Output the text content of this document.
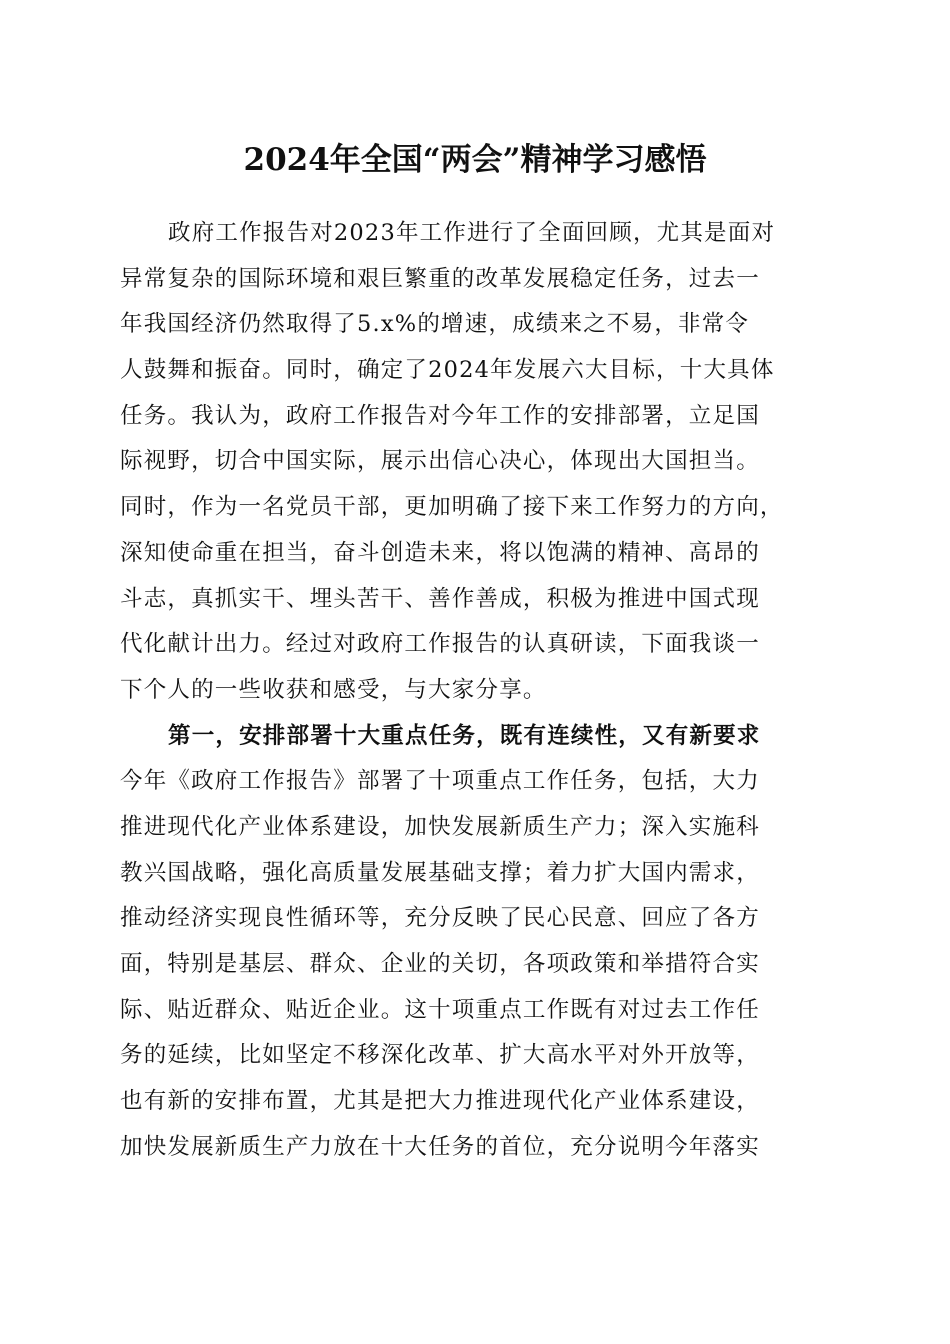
2024年全国“两会”精神学习感悟
政府工作报告对2023年工作进行了全面回顾，尤其是面对
异常复杂的国际环境和艰巨繁重的改革发展稳定任务，过去一
年我国经济仍然取得了5.x%的增速，成绩来之不易，非常令
人鼓舞和振奋。同时，确定了2024年发展六大目标，十大具体
任务。我认为，政府工作报告对今年工作的安排部署，立足国
际视野，切合中国实际，展示出信心决心，体现出大国担当。
同时，作为一名党员干部，更加明确了接下来工作努力的方向，
深知使命重在担当，奋斗创造未来，将以饱满的精神、高昂的
斗志，真抓实干、埋头苦干、善作善成，积极为推进中国式现
代化献计出力。经过对政府工作报告的认真研读，下面我谈一
下个人的一些收获和感受，与大家分享。
第一，安排部署十大重点任务，既有连续性，又有新要求
今年《政府工作报告》部署了十项重点工作任务，包括，大力
推进现代化产业体系建设，加快发展新质生产力；深入实施科
教兴国战略，强化高质量发展基础支撑；着力扩大国内需求，
推动经济实现良性循环等，充分反映了民心民意、回应了各方
面，特别是基层、群众、企业的关切，各项政策和举措符合实
际、贴近群众、贴近企业。这十项重点工作既有对过去工作任
务的延续，比如坚定不移深化改革、扩大高水平对外开放等，
也有新的安排布置，尤其是把大力推进现代化产业体系建设，
加快发展新质生产力放在十大任务的首位，充分说明今年落实
